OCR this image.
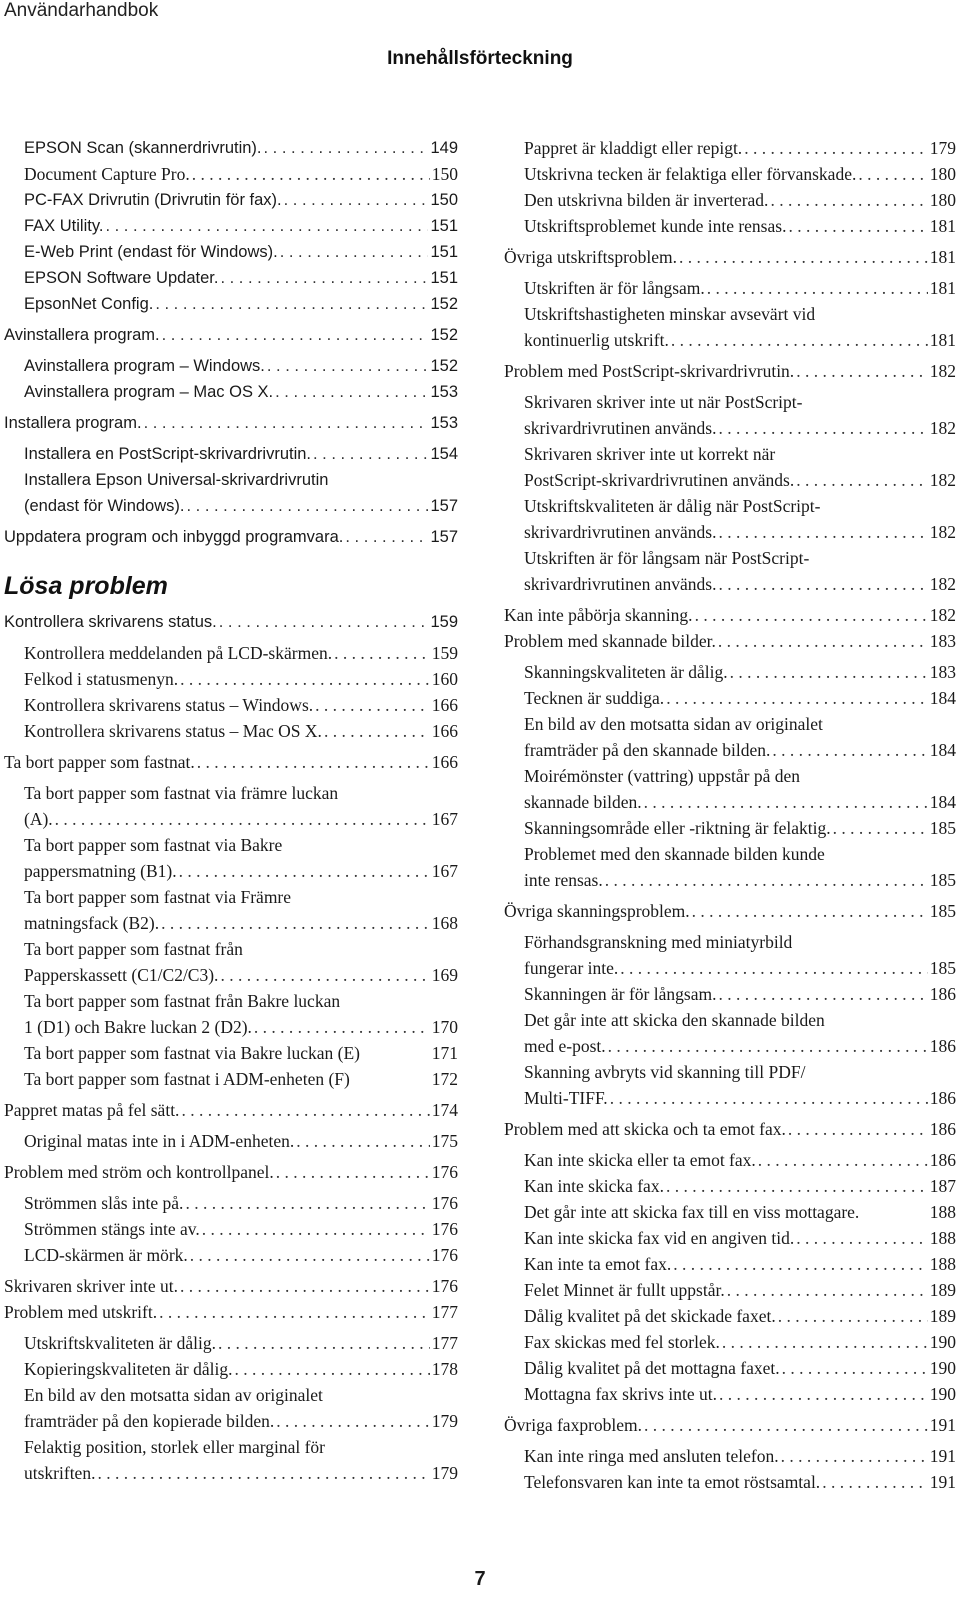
Användarhandbok
Innehållsförteckning
EPSON Scan (skannerdrivrutin). . . .	149
Document Capture Pro. . . .	150
PC-FAX Drivrutin (Drivrutin för fax). . . .	150
FAX Utility. . . .	151
E-Web Print (endast för Windows). . . .	151
EPSON Software Updater. . . .	151
EpsonNet Config. . . .	152
Avinstallera program. . . .	152
Avinstallera program – Windows. . . .	152
Avinstallera program – Mac OS X. . . .	153
Installera program. . . .	153
Installera en PostScript-skrivardrivrutin. . . .	154
Installera Epson Universal-skrivardrivrutin
(endast för Windows). . . .	157
Uppdatera program och inbyggd programvara. . . .	157
Lösa problem
Kontrollera skrivarens status. . . .	159
Kontrollera meddelanden på LCD-skärmen. . . .	159
Felkod i statusmenyn. . . .	160
Kontrollera skrivarens status – Windows. . . .	166
Kontrollera skrivarens status – Mac OS X. . . .	166
Ta bort papper som fastnat. . . .	166
Ta bort papper som fastnat via främre luckan
(A). . . .	167
Ta bort papper som fastnat via Bakre
pappersmatning (B1). . . .	167
Ta bort papper som fastnat via Främre
matningsfack (B2). . . .	168
Ta bort papper som fastnat från
Papperskassett (C1/C2/C3). . . .	169
Ta bort papper som fastnat från Bakre luckan
1 (D1) och Bakre luckan 2 (D2). . . .	170
Ta bort papper som fastnat via Bakre luckan (E)	171
Ta bort papper som fastnat i ADM-enheten (F)	172
Pappret matas på fel sätt. . . .	174
Original matas inte in i ADM-enheten. . . .	175
Problem med ström och kontrollpanel. . . .	176
Strömmen slås inte på. . . .	176
Strömmen stängs inte av. . . .	176
LCD-skärmen är mörk. . . .	176
Skrivaren skriver inte ut. . . .	176
Problem med utskrift. . . .	177
Utskriftskvaliteten är dålig. . . .	177
Kopieringskvaliteten är dålig. . . .	178
En bild av den motsatta sidan av originalet
framträder på den kopierade bilden. . . .	179
Felaktig position, storlek eller marginal för
utskriften. . . .	179
Pappret är kladdigt eller repigt. . . .	179
Utskrivna tecken är felaktiga eller förvanskade. . . .	180
Den utskrivna bilden är inverterad. . . .	180
Utskriftsproblemet kunde inte rensas. . . .	181
Övriga utskriftsproblem. . . .	181
Utskriften är för långsam. . . .	181
Utskriftshastigheten minskar avsevärt vid
kontinuerlig utskrift. . . .	181
Problem med PostScript-skrivardrivrutin. . . .	182
Skrivaren skriver inte ut när PostScript-
skrivardrivrutinen används. . . .	182
Skrivaren skriver inte ut korrekt när
PostScript-skrivardrivrutinen används. . . .	182
Utskriftskvaliteten är dålig när PostScript-
skrivardrivrutinen används. . . .	182
Utskriften är för långsam när PostScript-
skrivardrivrutinen används. . . .	182
Kan inte påbörja skanning. . . .	182
Problem med skannade bilder. . . .	183
Skanningskvaliteten är dålig. . . .	183
Tecknen är suddiga. . . .	184
En bild av den motsatta sidan av originalet
framträder på den skannade bilden. . . .	184
Moirémönster (vattring) uppstår på den
skannade bilden. . . .	184
Skanningsområde eller -riktning är felaktig. . . .	185
Problemet med den skannade bilden kunde
inte rensas. . . .	185
Övriga skanningsproblem. . . .	185
Förhandsgranskning med miniatyrbild
fungerar inte. . . .	185
Skanningen är för långsam. . . .	186
Det går inte att skicka den skannade bilden
med e-post. . . .	186
Skanning avbryts vid skanning till PDF/
Multi-TIFF. . . .	186
Problem med att skicka och ta emot fax. . . .	186
Kan inte skicka eller ta emot fax. . . .	186
Kan inte skicka fax. . . .	187
Det går inte att skicka fax till en viss mottagare.	188
Kan inte skicka fax vid en angiven tid. . . .	188
Kan inte ta emot fax. . . .	188
Felet Minnet är fullt uppstår. . . .	189
Dålig kvalitet på det skickade faxet. . . .	189
Fax skickas med fel storlek. . . .	190
Dålig kvalitet på det mottagna faxet. . . .	190
Mottagna fax skrivs inte ut. . . .	190
Övriga faxproblem. . . .	191
Kan inte ringa med ansluten telefon. . . .	191
Telefonsvaren kan inte ta emot röstsamtal. . . .	191
7
